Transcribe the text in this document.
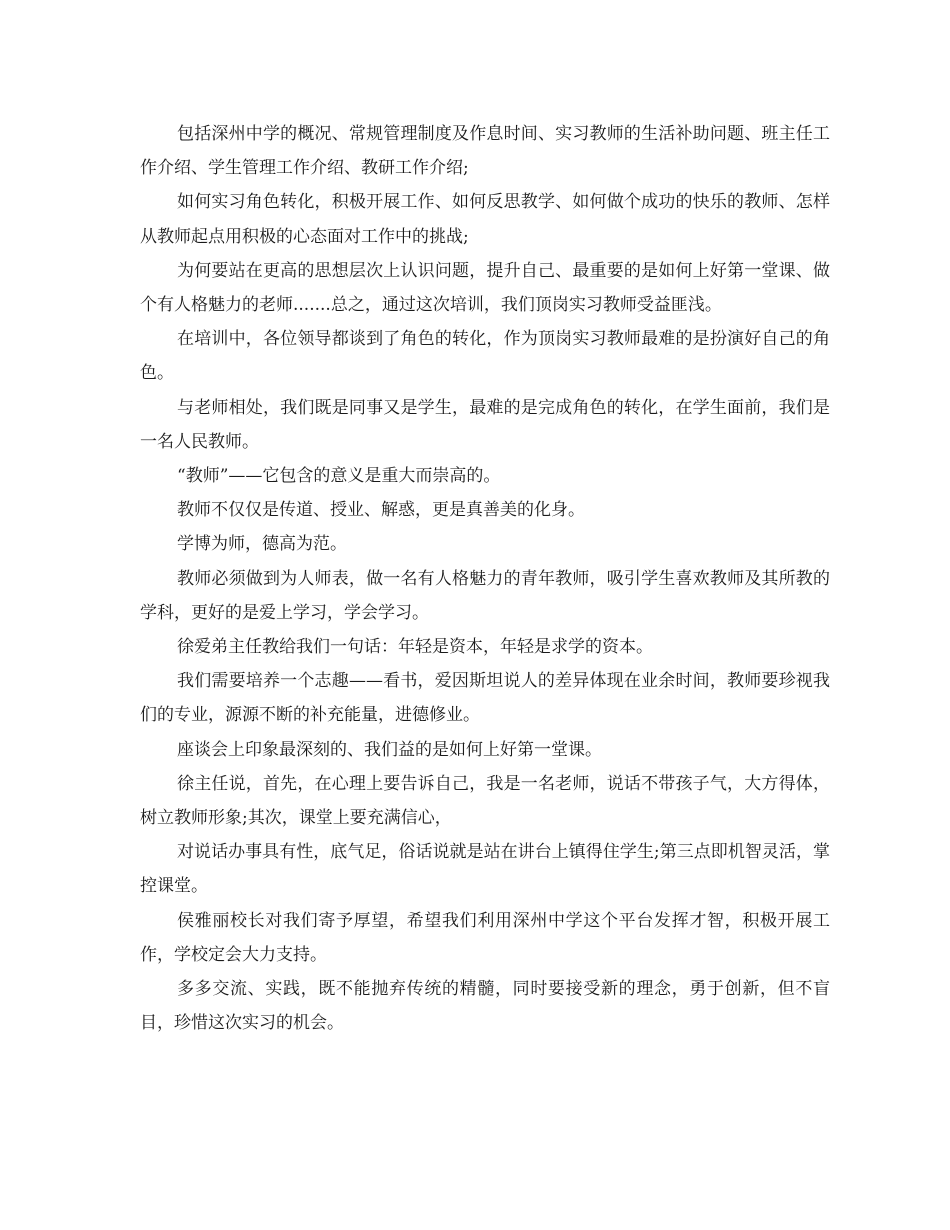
包括深州中学的概况、常规管理制度及作息时间、实习教师的生活补助问题、班主任工作介绍、学生管理工作介绍、教研工作介绍;

如何实习角色转化，积极开展工作、如何反思教学、如何做个成功的快乐的教师、怎样从教师起点用积极的心态面对工作中的挑战;

为何要站在更高的思想层次上认识问题，提升自己、最重要的是如何上好第一堂课、做个有人格魅力的老师.......总之，通过这次培训，我们顶岗实习教师受益匪浅。

在培训中，各位领导都谈到了角色的转化，作为顶岗实习教师最难的是扮演好自己的角色。

与老师相处，我们既是同事又是学生，最难的是完成角色的转化，在学生面前，我们是一名人民教师。

“教师”——它包含的意义是重大而崇高的。

教师不仅仅是传道、授业、解惑，更是真善美的化身。

学博为师，德高为范。

教师必须做到为人师表，做一名有人格魅力的青年教师，吸引学生喜欢教师及其所教的学科，更好的是爱上学习，学会学习。

徐爱弟主任教给我们一句话：年轻是资本，年轻是求学的资本。

我们需要培养一个志趣——看书，爱因斯坦说人的差异体现在业余时间，教师要珍视我们的专业，源源不断的补充能量，进德修业。

座谈会上印象最深刻的、我们益的是如何上好第一堂课。

徐主任说，首先，在心理上要告诉自己，我是一名老师，说话不带孩子气，大方得体，树立教师形象;其次，课堂上要充满信心，

对说话办事具有性，底气足，俗话说就是站在讲台上镇得住学生;第三点即机智灵活，掌控课堂。

侯雅丽校长对我们寄予厚望，希望我们利用深州中学这个平台发挥才智，积极开展工作，学校定会大力支持。

多多交流、实践，既不能抛弃传统的精髓，同时要接受新的理念，勇于创新，但不盲目，珍惜这次实习的机会。
